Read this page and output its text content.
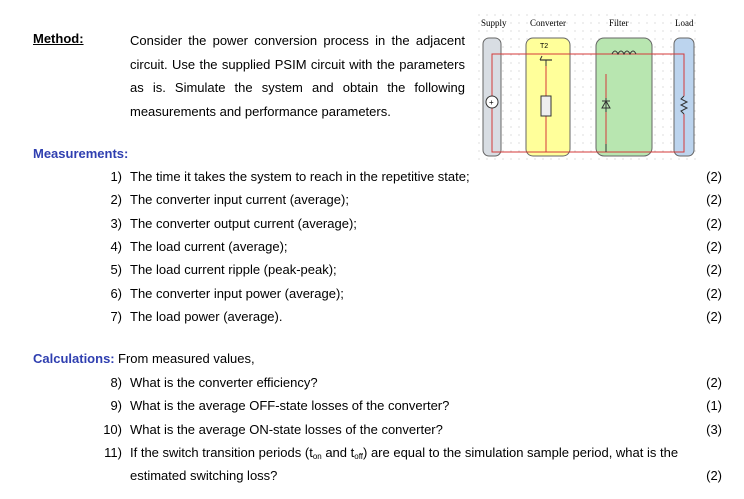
Method:	Consider the power conversion process in the adjacent circuit. Use the supplied PSIM circuit with the parameters as is. Simulate the system and obtain the following measurements and performance parameters.
Supply	Converter	Filter	Load
T2
+
Measurements:
1) The time it takes the system to reach in the repetitive state;	(2)
2) The converter input current (average);	(2)
3) The converter output current (average);	(2)
4) The load current (average);	(2)
5) The load current ripple (peak-peak);	(2)
6) The converter input power (average);	(2)
7) The load power (average).	(2)
Calculations: From measured values,
8) What is the converter efficiency?	(2)
9) What is the average OFF-state losses of the converter?	(1)
10) What is the average ON-state losses of the converter?	(3)
11) If the switch transition periods ($t_{on}$ and $t_{off}$) are equal to the simulation sample period, what is the
estimated switching loss?	(2)
